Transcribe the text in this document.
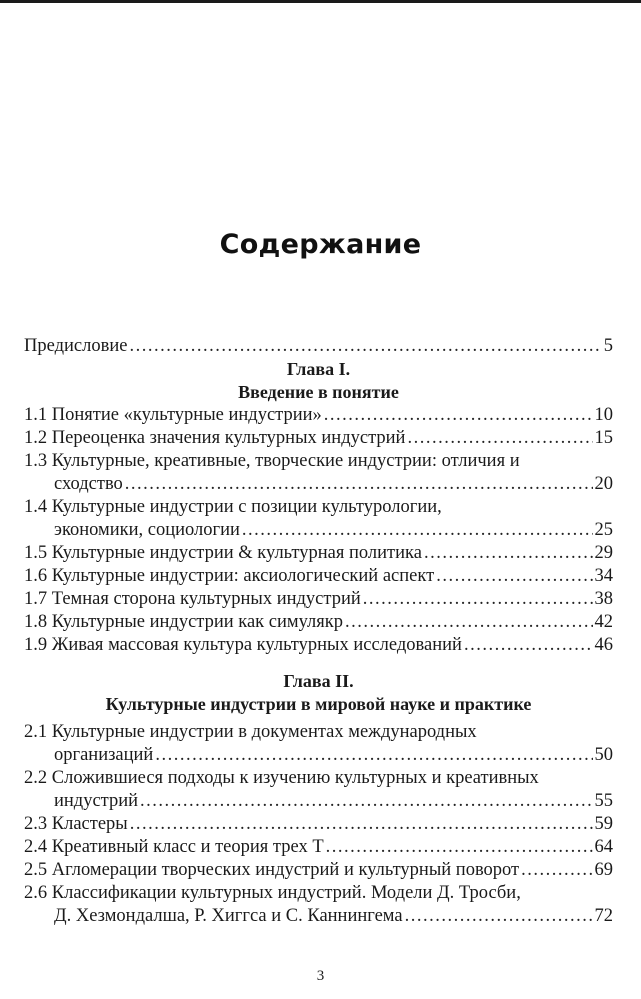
Содержание
Предисловие .....	5
Глава I.
Введение в понятие
1.1 Понятие «культурные индустрии» .....	10
1.2 Переоценка значения культурных индустрий .....	15
1.3 Культурные, креативные, творческие индустрии: отличия и
сходство .....	20
1.4 Культурные индустрии с позиции культурологии,
экономики, социологии .....	25
1.5 Культурные индустрии & культурная политика .....	29
1.6 Культурные индустрии: аксиологический аспект .....	34
1.7 Темная сторона культурных индустрий .....	38
1.8 Культурные индустрии как симулякр .....	42
1.9 Живая массовая культура культурных исследований .....	46
Глава II.
Культурные индустрии в мировой науке и практике
2.1 Культурные индустрии в документах международных
организаций .....	50
2.2 Сложившиеся подходы к изучению культурных и креативных
индустрий .....	55
2.3 Кластеры .....	59
2.4 Креативный класс и теория трех Т .....	64
2.5 Агломерации творческих индустрий и культурный поворот .....	69
2.6 Классификации культурных индустрий. Модели Д. Тросби,
Д. Хезмондалша, Р. Хиггса и С. Каннингема .....	72
3
